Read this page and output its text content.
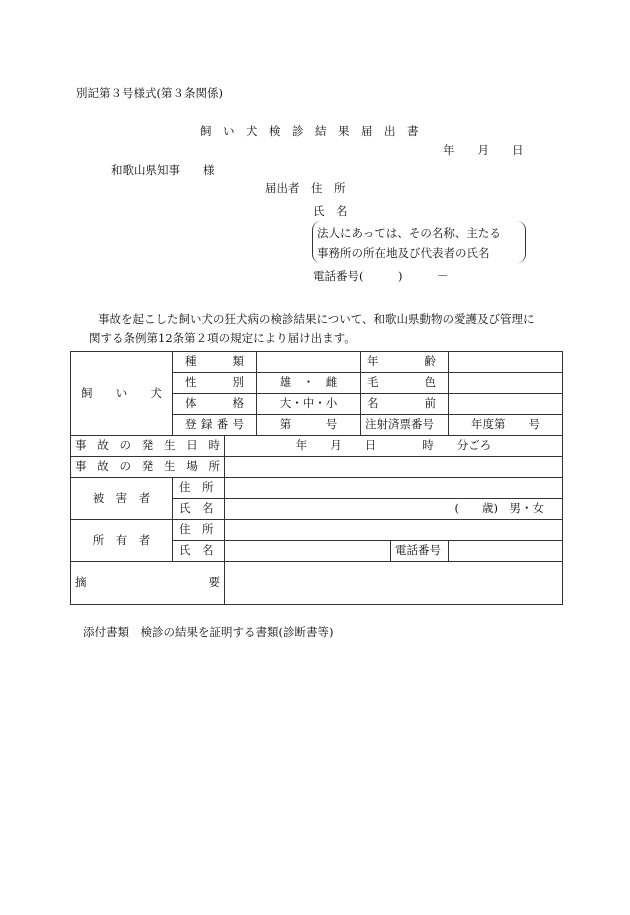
別記第３号様式(第３条関係)
飼　い　犬　検　診　結　果　届　出　書
年　　月　　日
和歌山県知事　　様
届出者　住　所
氏　名
法人にあっては、その名称、主たる
事務所の所在地及び代表者の氏名
電話番号(　　　)　　　－
事故を起こした飼い犬の狂犬病の検診結果について、和歌山県動物の愛護及び管理に
関する条例第12条第２項の規定により届け出ます。
飼　い　犬	種類			年齢		
	性別		雄　・　雌	毛色		
	体格		大・中・小	名前		
	登録番号		第　　　号	注射済票番号		年度第　　号
事故の発生日時		年　　月　　日　　　　時　　分ごろ				
事故の発生場所						
被　害　者	住　所					
	氏　名	(　　歳)　男・女				
所　有　者	住　所					
	氏　名				電話番号	
摘要						
添付書類　検診の結果を証明する書類(診断書等)
